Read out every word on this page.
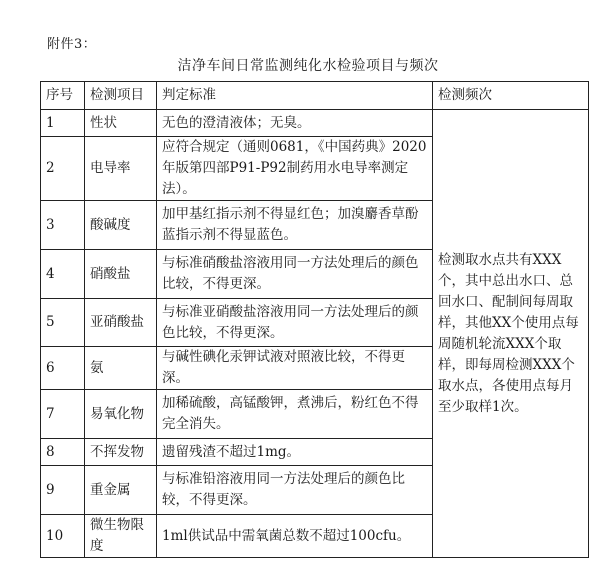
附件3：
洁净车间日常监测纯化水检验项目与频次
序号	检测项目	判定标准	检测频次
1	性状	无色的澄清液体；无臭。	检测取水点共有XXX个，其中总出水口、总回水口、配制间每周取样，其他XX个使用点每周随机轮流XXX个取样，即每周检测XXX个取水点，各使用点每月至少取样1次。
2	电导率	应符合规定（通则0681，《中国药典》2020年版第四部P91-P92制药用水电导率测定法）。	
3	酸碱度	加甲基红指示剂不得显红色；加溴麝香草酚蓝指示剂不得显蓝色。	
4	硝酸盐	与标准硝酸盐溶液用同一方法处理后的颜色比较，不得更深。	
5	亚硝酸盐	与标准亚硝酸盐溶液用同一方法处理后的颜色比较，不得更深。	
6	氨	与碱性碘化汞钾试液对照液比较，不得更深。	
7	易氧化物	加稀硫酸，高锰酸钾，煮沸后，粉红色不得完全消失。	
8	不挥发物	遗留残渣不超过1mg。	
9	重金属	与标准铅溶液用同一方法处理后的颜色比较，不得更深。	
10	微生物限度	1ml供试品中需氧菌总数不超过100cfu。	
